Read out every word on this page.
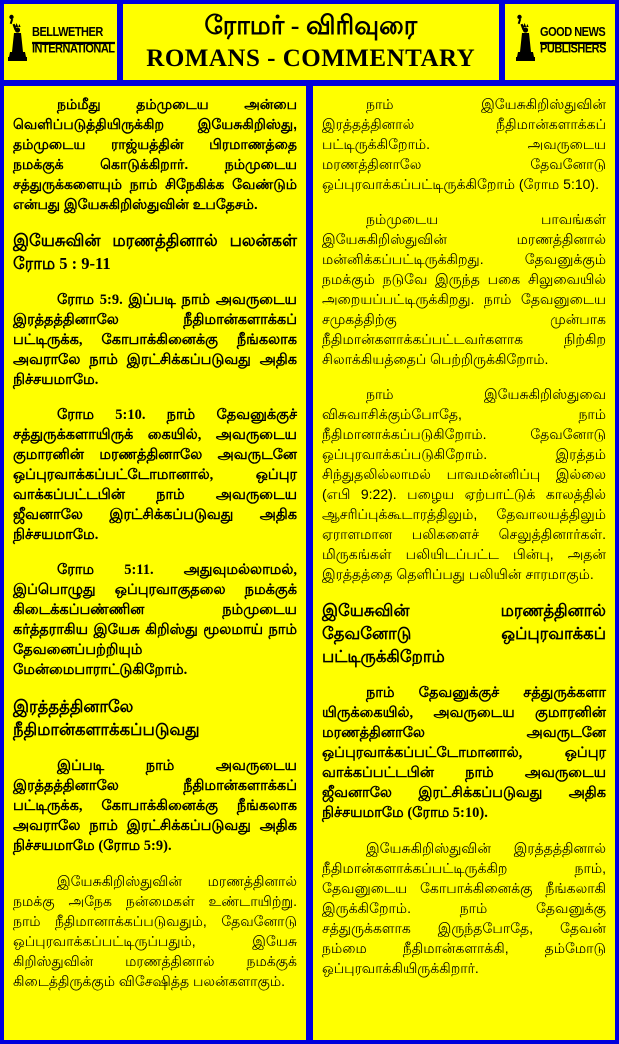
BELLWETHER
INTERNATIONAL
ரோமர் - விரிவுரை
ROMANS - COMMENTARY
GOOD NEWS
PUBLISHERS

நம்மீது தம்முடைய அன்பை வெளிப்படுத்தியிருக்கிற இயேசுகிறிஸ்து, தம்முடைய ராஜ்யத்தின் பிரமாணத்தை நமக்குக் கொடுக்கிறார். நம்முடைய சத்துருக்களையும் நாம் சிநேகிக்க வேண்டும் என்பது இயேசுகிறிஸ்துவின் உபதேசம்.

இயேசுவின் மரணத்தினால் பலன்கள் ரோம 5 : 9-11

ரோம 5:9. இப்படி நாம் அவருடைய இரத்தத்தினாலே நீதிமான்களாக்கப் பட்டிருக்க, கோபாக்கினைக்கு நீங்கலாக அவராலே நாம் இரட்சிக்கப்படுவது அதிக நிச்சயமாமே.

ரோம 5:10. நாம் தேவனுக்குச் சத்துருக்களாயிருக் கையில், அவருடைய குமாரனின் மரணத்தினாலே அவருடனே ஒப்புரவாக்கப்பட்டோமானால், ஒப்புர வாக்கப்பட்டபின் நாம் அவருடைய ஜீவனாலே இரட்சிக்கப்படுவது அதிக நிச்சயமாமே.

ரோம 5:11. அதுவுமல்லாமல், இப்பொழுது ஒப்புரவாகுதலை நமக்குக் கிடைக்கப்பண்ணின நம்முடைய கர்த்தராகிய இயேசு கிறிஸ்து மூலமாய் நாம் தேவனைப்பற்றியும் மேன்மைபாராட்டுகிறோம்.

இரத்தத்தினாலே நீதிமான்களாக்கப்படுவது

இப்படி நாம் அவருடைய இரத்தத்தினாலே நீதிமான்களாக்கப் பட்டிருக்க, கோபாக்கினைக்கு நீங்கலாக அவராலே நாம் இரட்சிக்கப்படுவது அதிக நிச்சயமாமே (ரோம 5:9).

இயேசுகிறிஸ்துவின் மரணத்தினால் நமக்கு அநேக நன்மைகள் உண்டாயிற்று. நாம் நீதிமானாக்கப்படுவதும், தேவனோடு ஒப்புரவாக்கப்பட்டிருப்பதும், இயேசு கிறிஸ்துவின் மரணத்தினால் நமக்குக் கிடைத்திருக்கும் விசேஷித்த பலன்களாகும்.

நாம் இயேசுகிறிஸ்துவின் இரத்தத்தினால் நீதிமான்களாக்கப் பட்டிருக்கிறோம். அவருடைய மரணத்தினாலே தேவனோடு ஒப்புரவாக்கப்பட்டிருக்கிறோம் (ரோம 5:10).

நம்முடைய பாவங்கள் இயேசுகிறிஸ்துவின் மரணத்தினால் மன்னிக்கப்பட்டிருக்கிறது. தேவனுக்கும் நமக்கும் நடுவே இருந்த பகை சிலுவையில் அறையப்பட்டிருக்கிறது. நாம் தேவனுடைய சமுகத்திற்கு முன்பாக நீதிமான்களாக்கப்பட்டவர்களாக நிற்கிற சிலாக்கியத்தைப் பெற்றிருக்கிறோம்.

நாம் இயேசுகிறிஸ்துவை விசுவாசிக்கும்போதே, நாம் நீதிமானாக்கப்படுகிறோம். தேவனோடு ஒப்புரவாக்கப்படுகிறோம். இரத்தம் சிந்துதலில்லாமல் பாவமன்னிப்பு இல்லை (எபி 9:22). பழைய ஏற்பாட்டுக் காலத்தில் ஆசரிப்புக்கூடாரத்திலும், தேவாலயத்திலும் ஏராளமான பலிகளைச் செலுத்தினார்கள். மிருகங்கள் பலியிடப்பட்ட பின்பு, அதன் இரத்தத்தை தெளிப்பது பலியின் சாரமாகும்.

இயேசுவின் மரணத்தினால் தேவனோடு ஒப்புரவாக்கப் பட்டிருக்கிறோம்

நாம் தேவனுக்குச் சத்துருக்களா யிருக்கையில், அவருடைய குமாரனின் மரணத்தினாலே அவருடனே ஒப்புரவாக்கப்பட்டோமானால், ஒப்புர வாக்கப்பட்டபின் நாம் அவருடைய ஜீவனாலே இரட்சிக்கப்படுவது அதிக நிச்சயமாமே (ரோம 5:10).

இயேசுகிறிஸ்துவின் இரத்தத்தினால் நீதிமான்களாக்கப்பட்டிருக்கிற நாம், தேவனுடைய கோபாக்கினைக்கு நீங்கலாகி இருக்கிறோம். நாம் தேவனுக்கு சத்துருக்களாக இருந்தபோதே, தேவன் நம்மை நீதிமான்களாக்கி, தம்மோடு ஒப்புரவாக்கியிருக்கிறார்.
